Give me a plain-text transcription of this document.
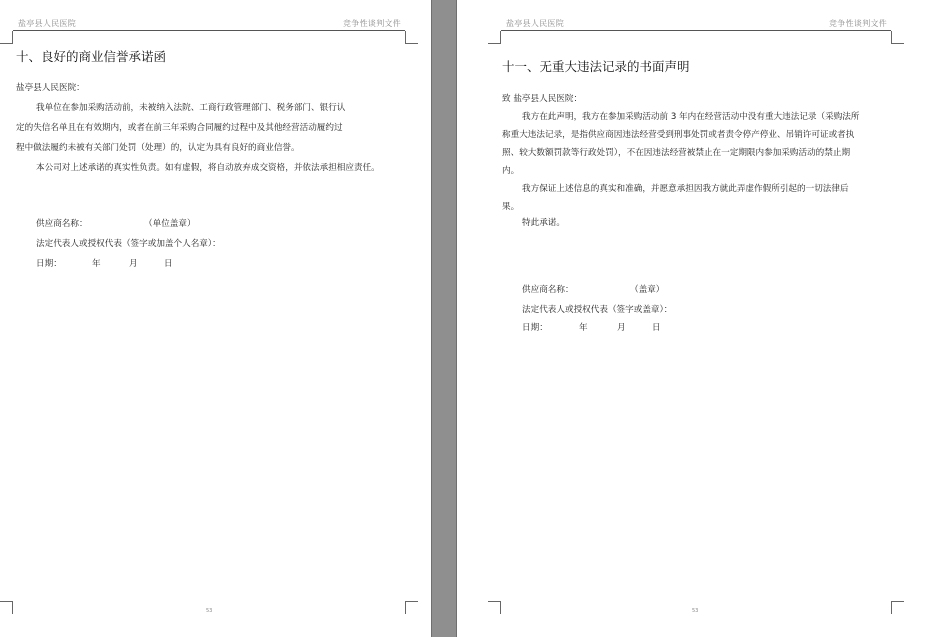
盐亭县人民医院	竞争性谈判文件
十、良好的商业信誉承诺函
盐亭县人民医院：
我单位在参加采购活动前，未被纳入法院、工商行政管理部门、税务部门、银行认
定的失信名单且在有效期内，或者在前三年采购合同履约过程中及其他经营活动履约过
程中做法履约未被有关部门处罚（处理）的，认定为具有良好的商业信誉。
本公司对上述承诺的真实性负责。如有虚假，将自动放弃成交资格，并依法承担相应责任。
供应商名称：	（单位盖章）
法定代表人或授权代表（签字或加盖个人名章）：
日期：	年	月	日
53
盐亭县人民医院	竞争性谈判文件
十一、无重大违法记录的书面声明
致 盐亭县人民医院：
我方在此声明，我方在参加采购活动前 3 年内在经营活动中没有重大违法记录（采购法所
称重大违法记录，是指供应商因违法经营受到刑事处罚或者责令停产停业、吊销许可证或者执
照、较大数额罚款等行政处罚），不在因违法经营被禁止在一定期限内参加采购活动的禁止期
内。
我方保证上述信息的真实和准确，并愿意承担因我方就此弄虚作假所引起的一切法律后
果。
特此承诺。
供应商名称：	（盖章）
法定代表人或授权代表（签字或盖章）：
日期：	年	月	日
53
